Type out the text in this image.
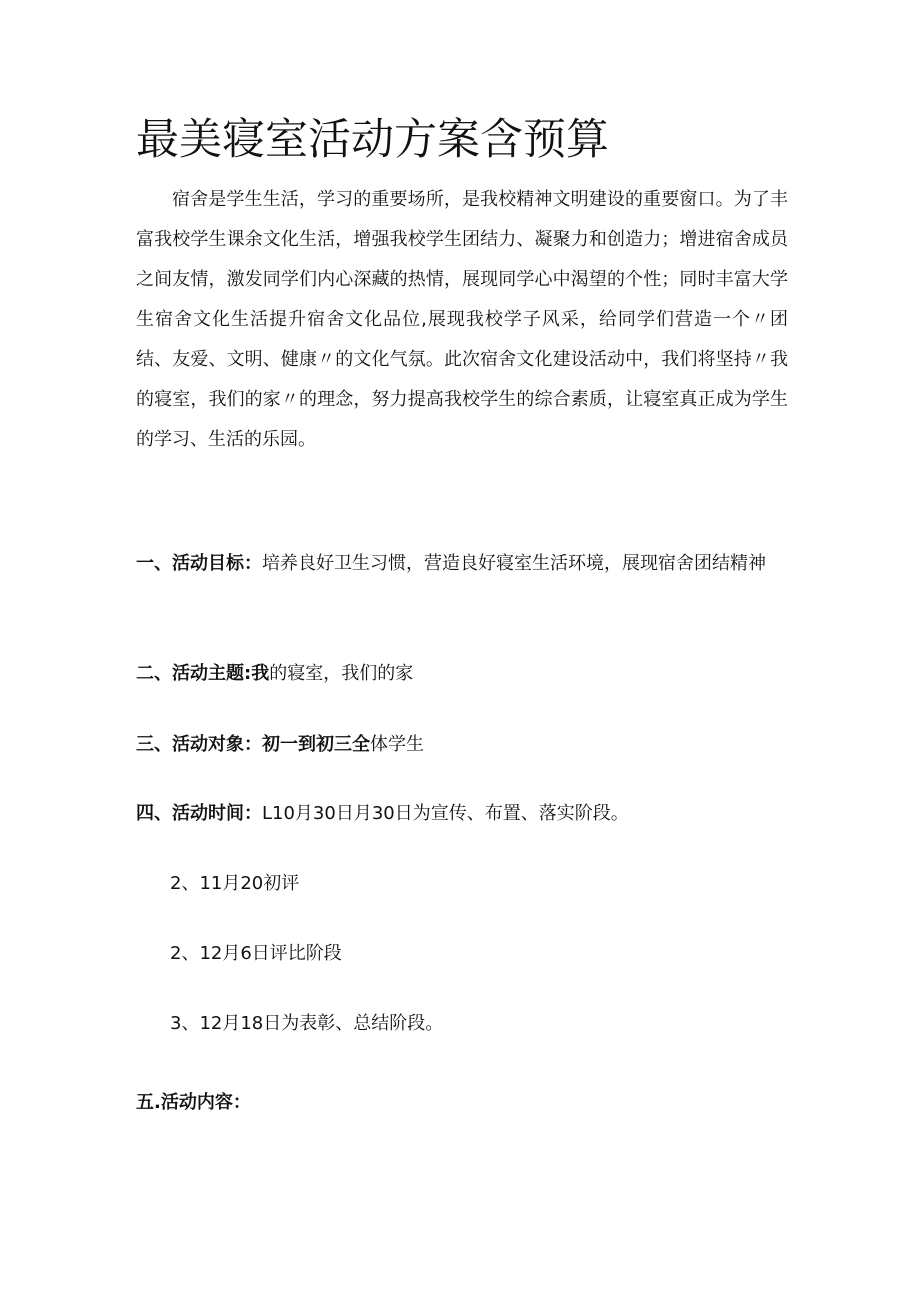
最美寝室活动方案含预算

宿舍是学生生活，学习的重要场所，是我校精神文明建设的重要窗口。为了丰富我校学生课余文化生活，增强我校学生团结力、凝聚力和创造力；增进宿舍成员之间友情，激发同学们内心深藏的热情，展现同学心中渴望的个性；同时丰富大学生宿舍文化生活提升宿舍文化品位,展现我校学子风采，给同学们营造一个〃团结、友爱、文明、健康〃的文化气氛。此次宿舍文化建设活动中，我们将坚持〃我的寝室，我们的家〃的理念，努力提高我校学生的综合素质，让寝室真正成为学生的学习、生活的乐园。

一、活动目标：培养良好卫生习惯，营造良好寝室生活环境，展现宿舍团结精神

二、活动主题:我的寝室，我们的家

三、活动对象：初一到初三全体学生

四、活动时间：L10月30日月30日为宣传、布置、落实阶段。

2、11月20初评

2、12月6日评比阶段

3、12月18日为表彰、总结阶段。

五.活动内容：
